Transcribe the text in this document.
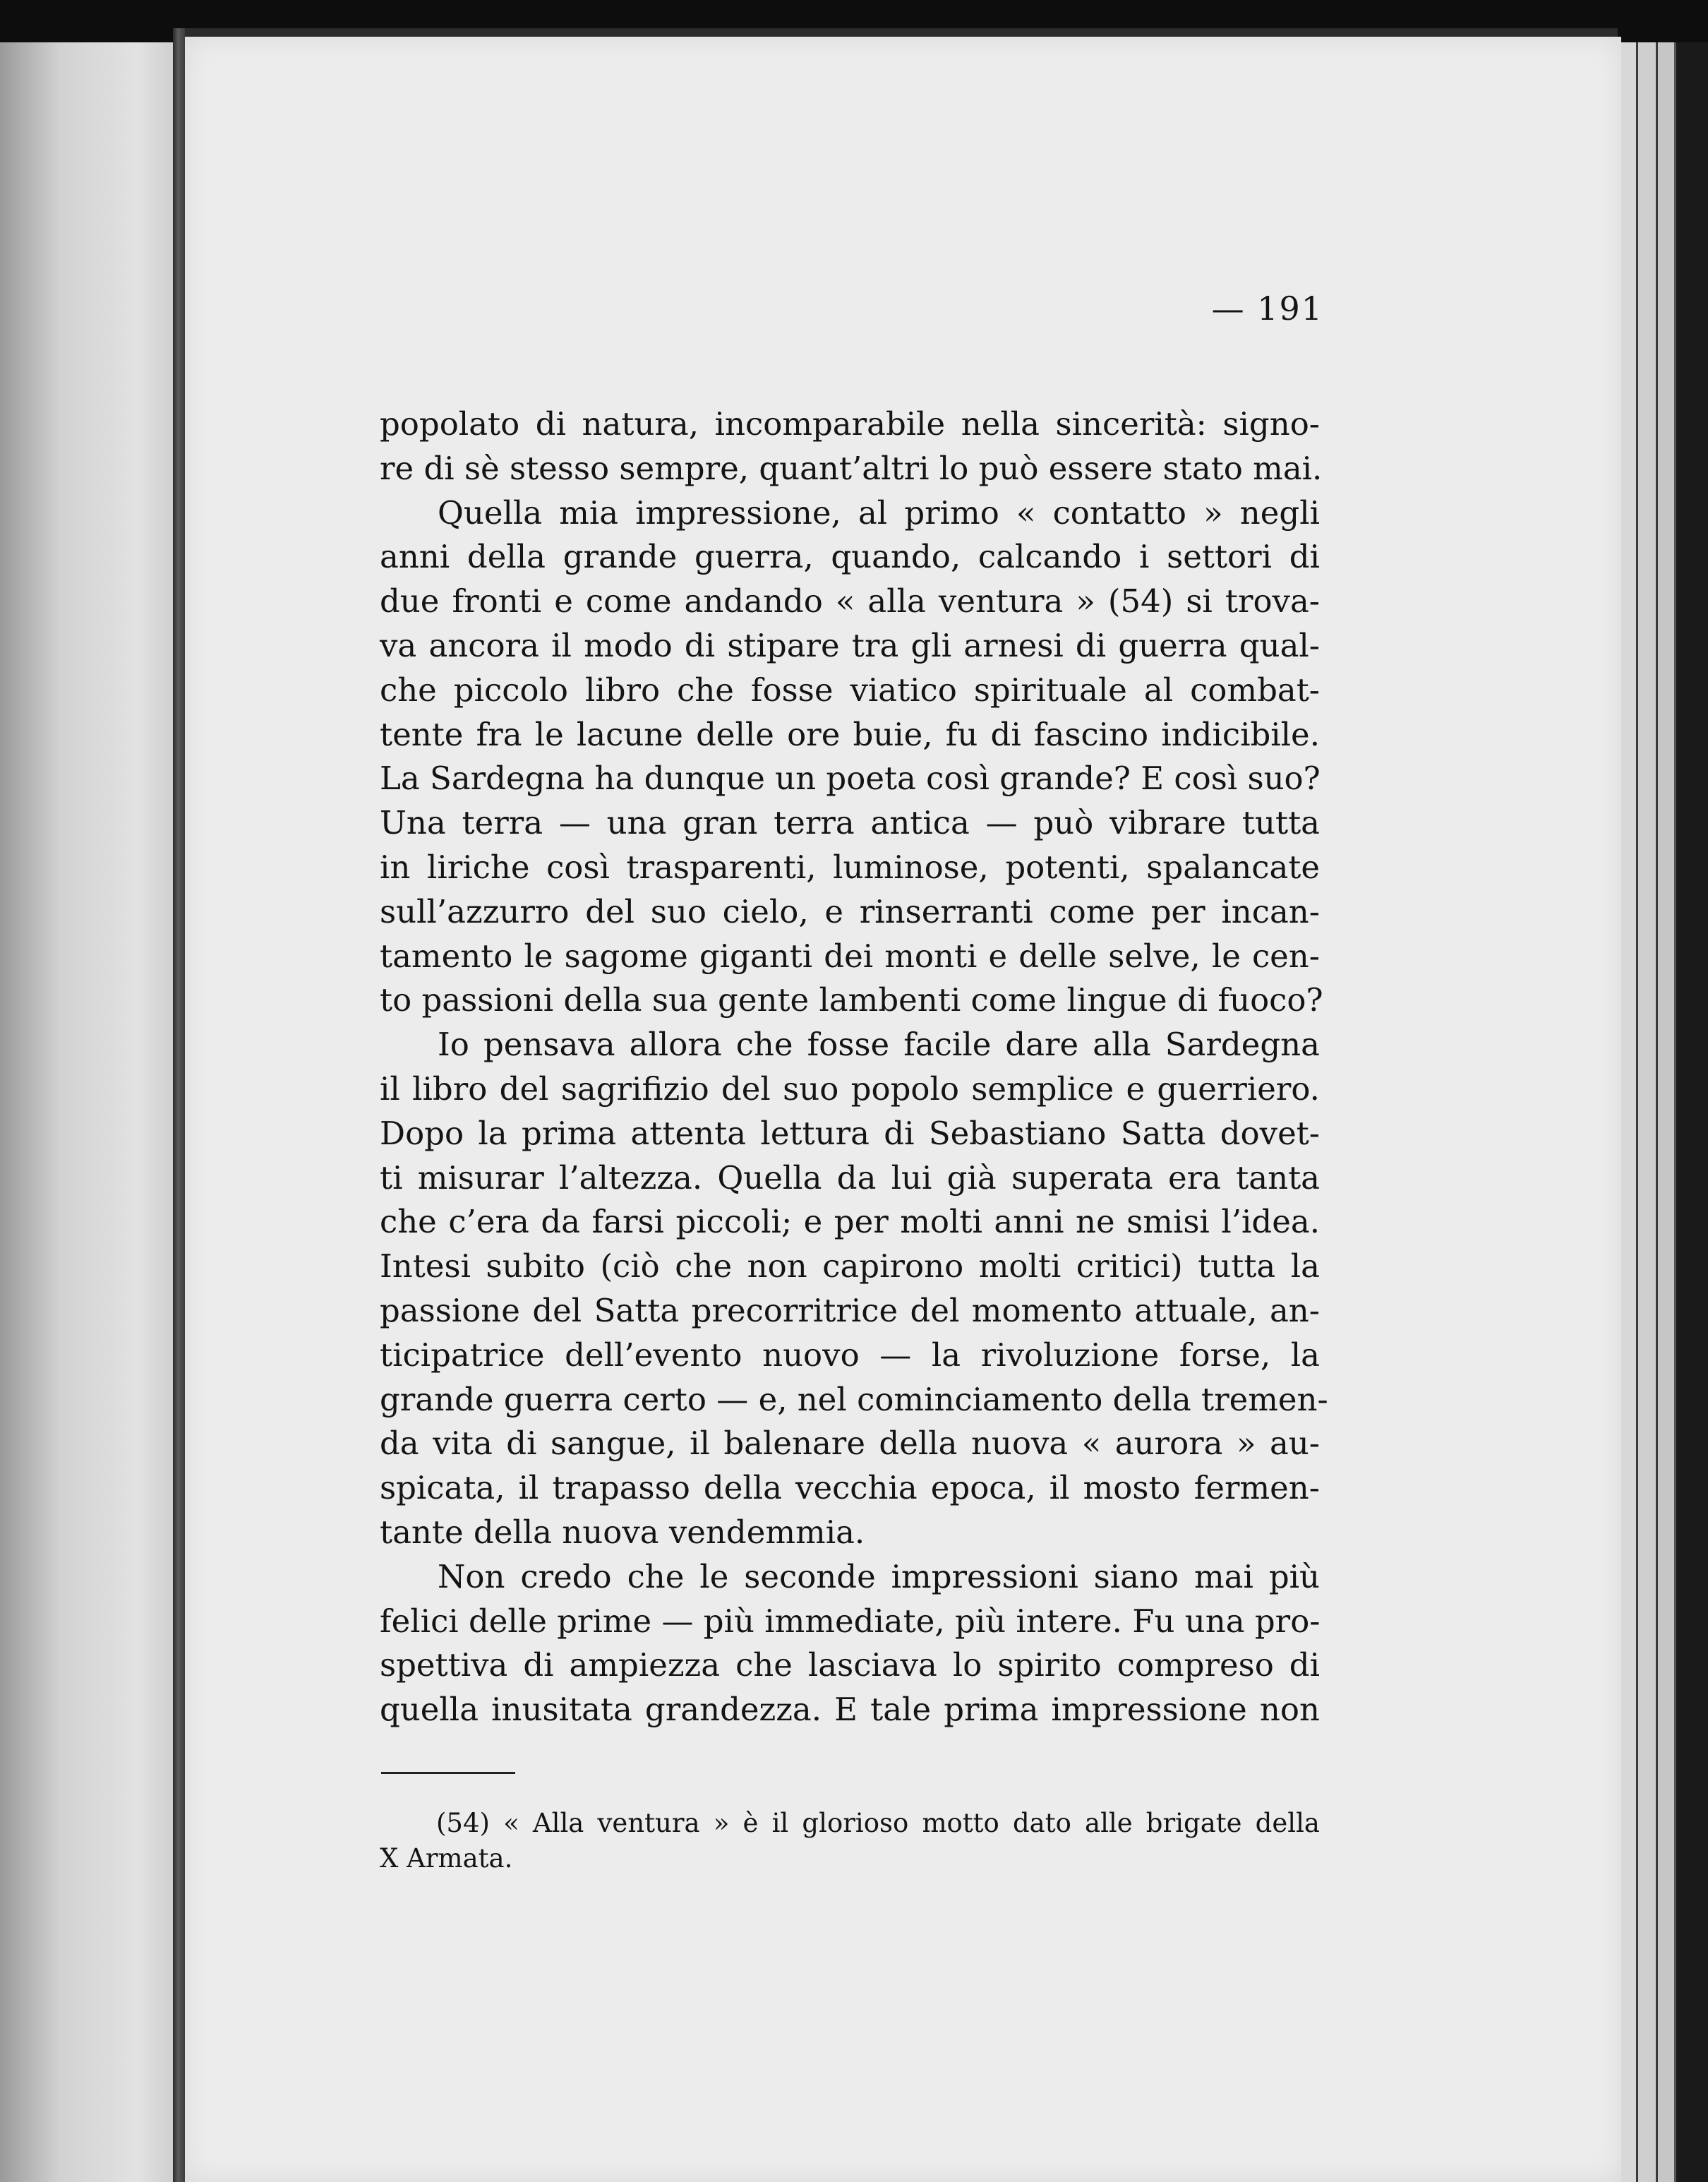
— 191
popolato di natura, incomparabile nella sincerità: signo-
re di sè stesso sempre, quant’altri lo può essere stato mai.
Quella mia impressione, al primo « contatto » negli
anni della grande guerra, quando, calcando i settori di
due fronti e come andando « alla ventura » (54) si trova-
va ancora il modo di stipare tra gli arnesi di guerra qual-
che piccolo libro che fosse viatico spirituale al combat-
tente fra le lacune delle ore buie, fu di fascino indicibile.
La Sardegna ha dunque un poeta così grande? E così suo?
Una terra — una gran terra antica — può vibrare tutta
in liriche così trasparenti, luminose, potenti, spalancate
sull’azzurro del suo cielo, e rinserranti come per incan-
tamento le sagome giganti dei monti e delle selve, le cen-
to passioni della sua gente lambenti come lingue di fuoco?
Io pensava allora che fosse facile dare alla Sardegna
il libro del sagrifizio del suo popolo semplice e guerriero.
Dopo la prima attenta lettura di Sebastiano Satta dovet-
ti misurar l’altezza. Quella da lui già superata era tanta
che c’era da farsi piccoli; e per molti anni ne smisi l’idea.
Intesi subito (ciò che non capirono molti critici) tutta la
passione del Satta precorritrice del momento attuale, an-
ticipatrice dell’evento nuovo — la rivoluzione forse, la
grande guerra certo — e, nel cominciamento della tremen-
da vita di sangue, il balenare della nuova « aurora » au-
spicata, il trapasso della vecchia epoca, il mosto fermen-
tante della nuova vendemmia.
Non credo che le seconde impressioni siano mai più
felici delle prime — più immediate, più intere. Fu una pro-
spettiva di ampiezza che lasciava lo spirito compreso di
quella inusitata grandezza. E tale prima impressione non
(54) « Alla ventura » è il glorioso motto dato alle brigate della
X Armata.
